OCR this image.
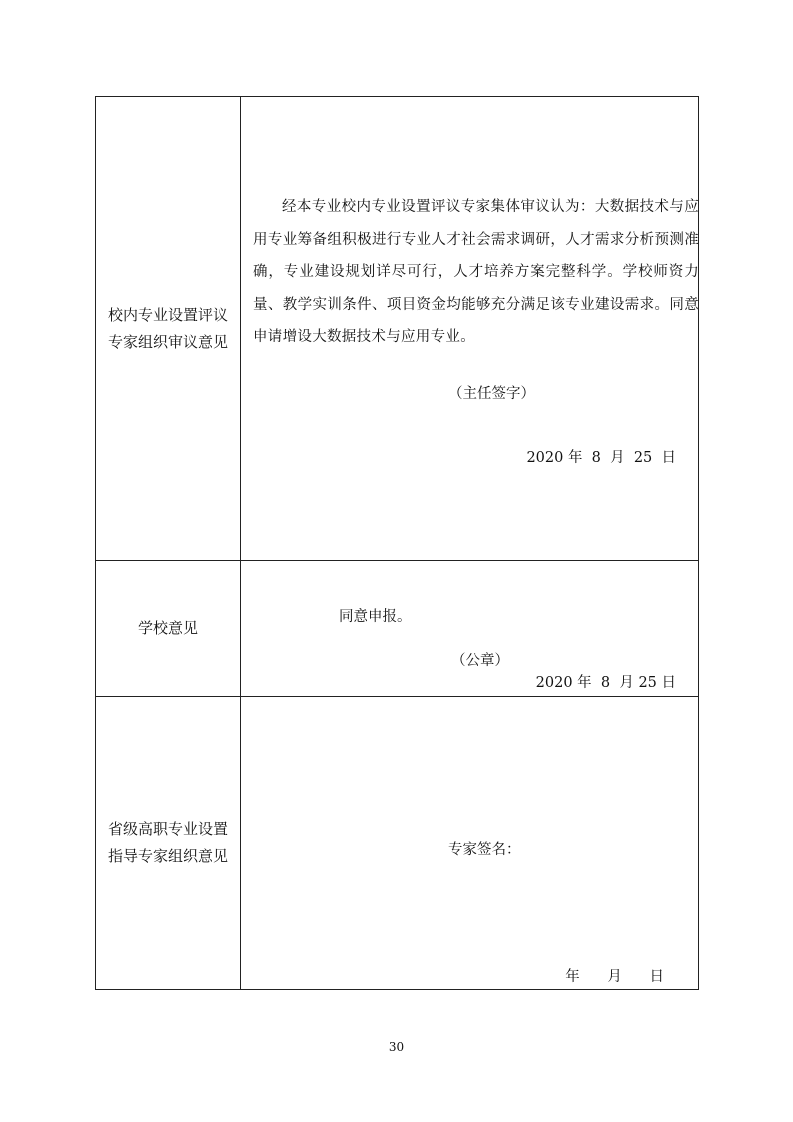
校内专业设置评议
专家组织审议意见
经本专业校内专业设置评议专家集体审议认为：大数据技术与应用专业筹备组积极进行专业人才社会需求调研，人才需求分析预测准确，专业建设规划详尽可行，人才培养方案完整科学。学校师资力量、教学实训条件、项目资金均能够充分满足该专业建设需求。同意申请增设大数据技术与应用专业。
（主任签字）
2020 年  8  月  25  日
学校意见
同意申报。
（公章）
2020 年  8  月 25 日
省级高职专业设置
指导专家组织意见	专家签名：
年      月      日
30
